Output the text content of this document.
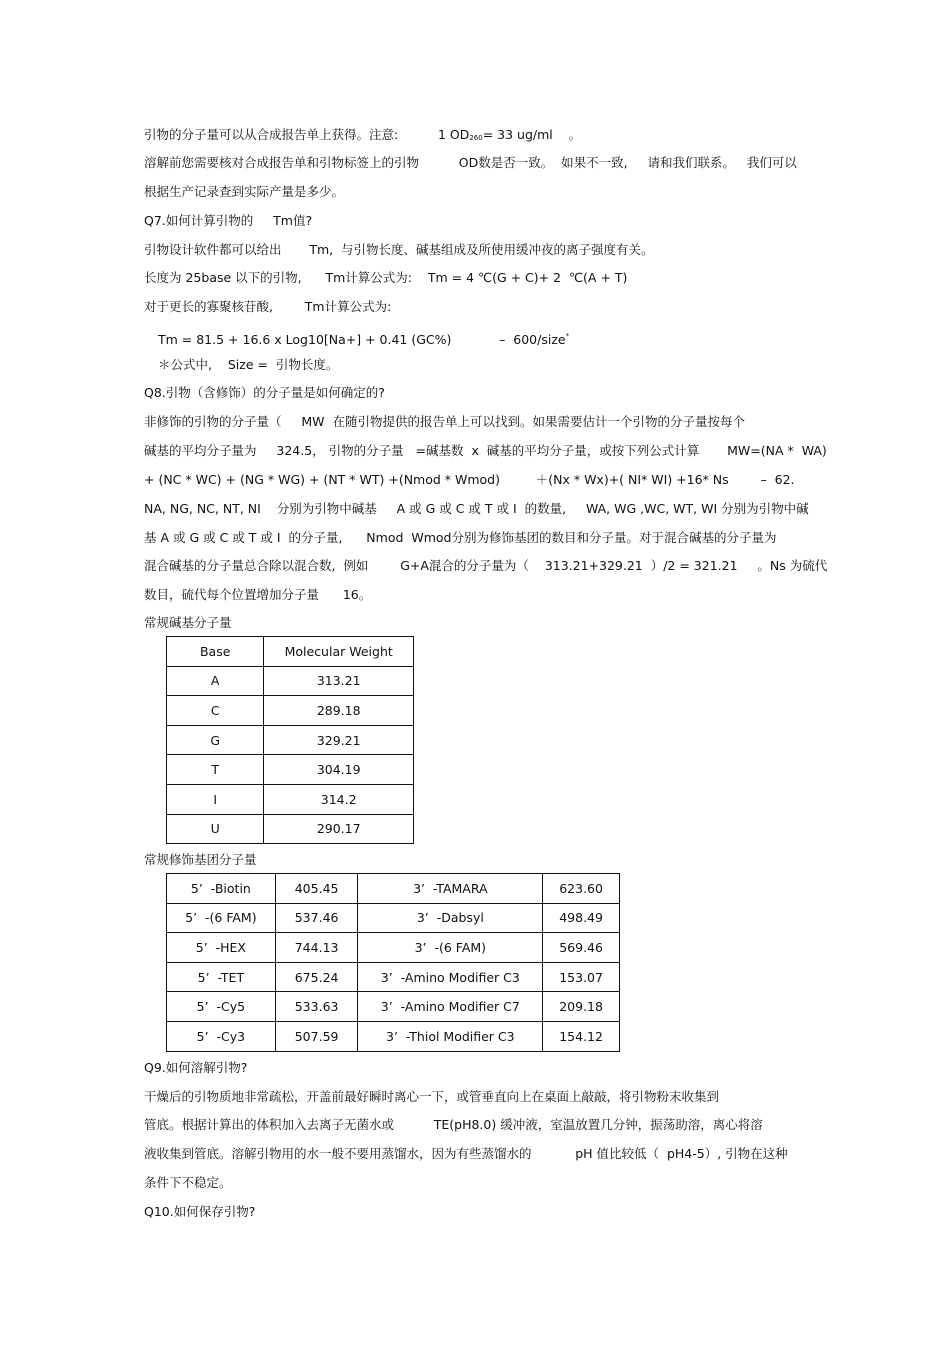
引物的分子量可以从合成报告单上获得。注意:          1 $OD_{260}= 33$ ug/ml    。
溶解前您需要核对合成报告单和引物标签上的引物          OD数是否一致。  如果不一致,     请和我们联系。   我们可以
根据生产记录查到实际产量是多少。
Q7.如何计算引物的     Tm值?
引物设计软件都可以给出       Tm,  与引物长度、碱基组成及所使用缓冲夜的离子强度有关。
长度为 25base 以下的引物,      Tm计算公式为:    Tm = 4 ℃(G + C)+ 2  ℃(A + T)
对于更长的寡聚核苷酸,        Tm计算公式为:
Tm = 81.5 + 16.6 x Log10[Na+] + 0.41 (GC%)            –  600/size*
＊公式中,    Size =  引物长度。
Q8.引物（含修饰）的分子量是如何确定的?
非修饰的引物的分子量（     MW  在随引物提供的报告单上可以找到。如果需要估计一个引物的分子量按每个
碱基的平均分子量为     324.5， 引物的分子量   =碱基数  x  碱基的平均分子量，或按下列公式计算       MW=(NA *  WA)
+ (NC * WC) + (NG * WG) + (NT * WT) +(Nmod * Wmod)         ＋(Nx * Wx)+( NI* WI) +16* Ns        –  62.
NA, NG, NC, NT, NI    分别为引物中碱基     A 或 G 或 C 或 T 或 I  的数量,     WA, WG ,WC, WT, WI 分别为引物中碱
基 A 或 G 或 C 或 T 或 I  的分子量,      Nmod  Wmod分别为修饰基团的数目和分子量。对于混合碱基的分子量为
混合碱基的分子量总合除以混合数,  例如        G+A混合的分子量为（    313.21+329.21  ）/2 = 321.21     。Ns 为硫代
数目，硫代每个位置增加分子量      16。
常规碱基分子量
Base	Molecular Weight
A	313.21
C	289.18
G	329.21
T	304.19
I	314.2
U	290.17
常规修饰基团分子量
5’  -Biotin	405.45	3’  -TAMARA	623.60
5’  -(6 FAM)	537.46	3’  -Dabsyl	498.49
5’  -HEX	744.13	3’  -(6 FAM)	569.46
5’  -TET	675.24	3’  -Amino Modifier C3	153.07
5’  -Cy5	533.63	3’  -Amino Modifier C7	209.18
5’  -Cy3	507.59	3’  -Thiol Modifier C3	154.12
Q9.如何溶解引物?
干燥后的引物质地非常疏松，开盖前最好瞬时离心一下，或管垂直向上在桌面上敲敲，将引物粉末收集到
管底。根据计算出的体积加入去离子无菌水或          TE(pH8.0) 缓冲液，室温放置几分钟，振荡助溶，离心将溶
液收集到管底。溶解引物用的水一般不要用蒸馏水，因为有些蒸馏水的           pH 值比较低（  pH4-5）, 引物在这种
条件下不稳定。
Q10.如何保存引物?
